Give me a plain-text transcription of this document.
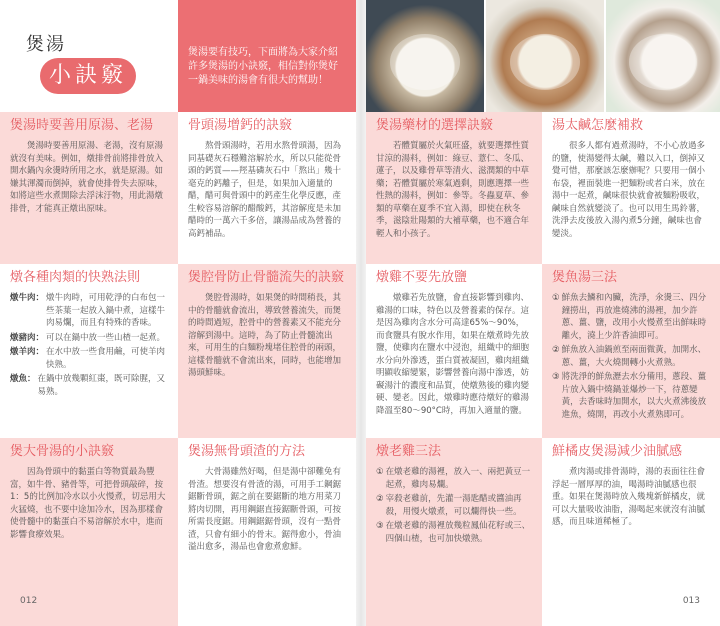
煲湯
小訣竅

煲湯要有技巧，下面將為大家介紹許多煲湯的小訣竅，相信對你煲好一鍋美味的湯會有很大的幫助！

煲湯時要善用原湯、老湯

煲湯時要善用原湯、老湯，沒有原湯就沒有美味。例如，燉排骨前將排骨放入開水鍋內氽燙時所用之水，就是原湯。如嫌其渾濁而倒掉，就會使排骨失去原味，如將這些水煮開除去浮沫汙物，用此湯燉排骨，才能真正燉出原味。

骨頭湯增鈣的訣竅

熬骨頭湯時，若用水熬骨頭湯，因為同基礎灰石穩難溶解於水，所以只能從骨頭的鈣質——羥基磷灰石中「熬出」幾十毫克的鈣離子，但是，如果加入適量的醋，醋可與骨頭中的鈣產生化學反應，產生較容易溶解的醋酸鈣，其溶解度是未加醋時的一萬六千多倍，讓湯品成為營養的高鈣補品。

煲湯藥材的選擇訣竅

若體質屬於火氣旺盛，就要選擇性質甘涼的湯料，例如：綠豆、薏仁、冬瓜、蓮子，以及雞骨草等清火、滋潤類的中草藥；若體質屬於寒氣過剩，則應選擇一些性熱的湯料，例如：參等。冬蟲夏草、參類的草藥在夏季不宜入湯，即使在秋冬季，滋陰壯陽類的大補草藥，也不適合年輕人和小孩子。

湯太鹹怎麼補救

很多人都有過煮湯時，不小心放過多的鹽，使湯變得太鹹，難以入口，倒掉又覺可惜，那麼該怎麼辦呢？只要用一個小布袋，裡面裝進一把麵粉或者白米，放在湯中一起煮，鹹味很快就會被麵粉吸收，鹹味自然就變淡了。也可以用生馬鈴薯，洗淨去皮後放入湯內煮5分鐘，鹹味也會變淡。

燉各種肉類的快熟法則
燉牛肉： 燉牛肉時，可用乾淨的白布包一些茶葉一起放入鍋中煮，這樣牛肉易爛，而且有特殊的香味。
燉豬肉： 可以在鍋中放一些山楂一起煮。
燉羊肉： 在水中放一些食用鹼，可使羊肉快熟。
燉魚： 在鍋中放幾顆紅棗，既可除腥，又易熟。
煲腔骨防止骨髓流失的訣竅

煲腔骨湯時，如果煲的時間稍長，其中的骨髓就會流出，導致營養流失，而煲的時間過短，腔骨中的營養素又不能充分溶解到湯中。這時，為了防止骨髓流出來，可用生的白麵粉塊堵住腔骨的兩頭，這樣骨髓就不會流出來，同時，也能增加湯頭鮮味。

燉雞不要先放鹽

燉雞若先放鹽，會直接影響到雞肉、雞湯的口味，特色以及營養素的保存。這是因為雞肉含水分可高達65%～90%，而食鹽具有脫水作用，如果在燉煮時先放鹽，使雞肉在鹽水中浸泡，組織中的細胞水分向外滲透，蛋白質被凝固，雞肉組織明顯收縮變緊，影響營養向湯中滲透，妨礙湯汁的濃度和品質，使燉熟後的雞肉變硬、變老。因此，燉雞時應待燉好的雞湯降溫至80～90°C時，再加入適量的鹽。

煲魚湯三法
① 鮮魚去鱗和內臟，洗淨，氽燙三、四分鐘撈出，再放進燒沸的湯裡，加少許蔥、薑、鹽，改用小火慢煮至出鮮味時離火，澆上少許香油即可。
② 鮮魚放入油鍋煎至兩面微黃，加開水、蔥、薑，大火燒開轉小火煮熟。
③ 將洗淨的鮮魚瀝去水分備用，蔥段、薑片放入鍋中燒鍋並爆炒一下，待蔥變黃，去香味時加開水，以大火煮沸後放進魚，燒開，再改小火煮熟即可。
煲大骨湯的小訣竅

因為骨頭中的黏蛋白等物質最為豐富，如牛骨、豬骨等，可把骨頭敲碎，按1：5的比例加冷水以小火慢煮，切忌用大火猛燒，也不要中途加冷水，因為那樣會使骨髓中的黏蛋白不易溶解於水中，進而影響食療效果。

煲湯無骨頭渣的方法

大骨湯雖然好喝，但是湯中卻難免有骨渣。想要沒有骨渣的湯，可用手工鋼鋸鋸斷骨頭，鋸之前在要鋸斷的地方用菜刀將肉切開，再用鋼鋸直接鋸斷骨頭，可按所需長度鋸。用鋼鋸鋸骨頭，沒有一點骨渣，只會有細小的骨末。鋸得愈小，骨油溢出愈多，湯品也會愈煮愈鮮。

燉老雞三法
① 在燉老雞的湯裡，放入一、兩把黃豆一起煮，雞肉易爛。
② 宰殺老雞前，先灌一湯匙醋或醬油再殺，用慢火燉煮，可以爛得快一些。
③ 在燉老雞的湯裡放幾粒鳳仙花籽或三、四個山楂，也可加快燉熟。
鮮橘皮煲湯減少油膩感

煮肉湯或排骨湯時，湯的表面往往會浮起一層厚厚的油，喝湯時油膩感也很重。如果在煲湯時放入幾塊新鮮橘皮，就可以大量吸收油脂，湯喝起來就沒有油膩感，而且味道稀極了。

012	013
